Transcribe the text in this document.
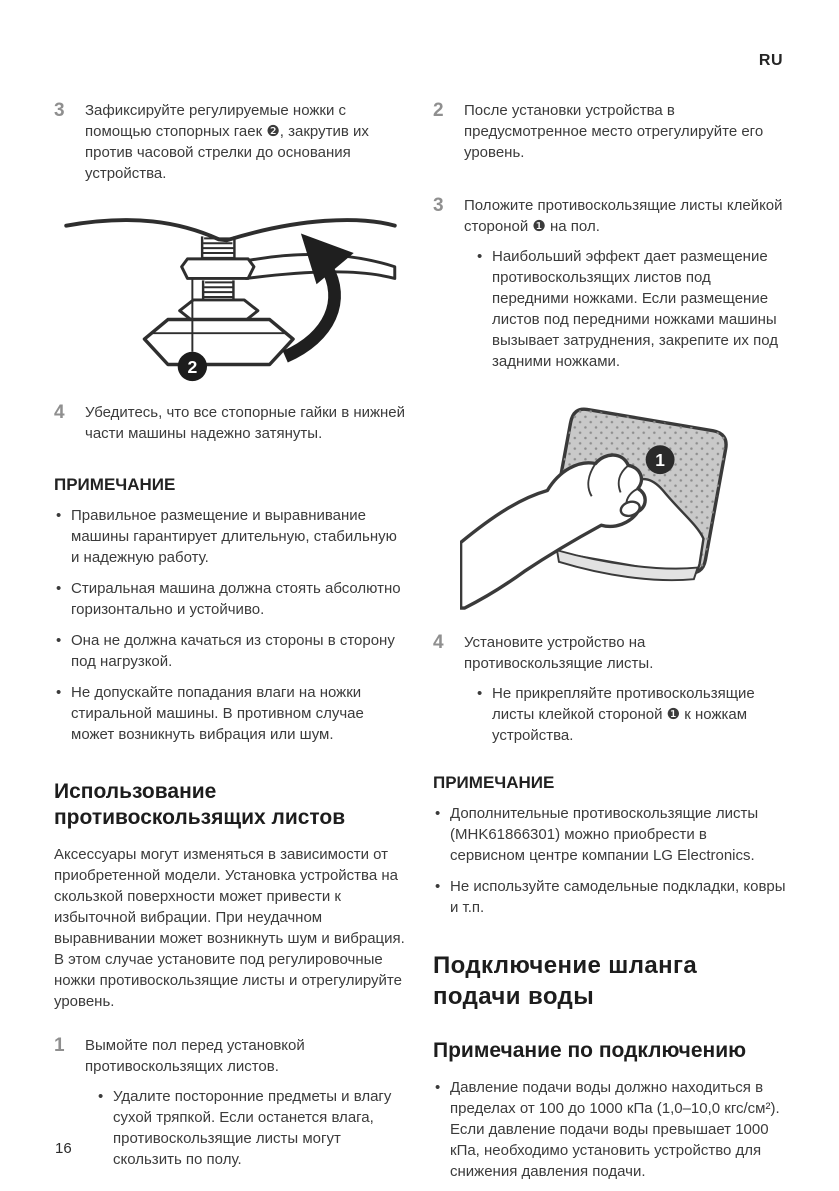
RU
3	Зафиксируйте регулируемые ножки с помощью стопорных гаек ❷, закрутив их против часовой стрелки до основания устройства.

2
4	Убедитесь, что все стопорные гайки в нижней части машины надежно затянуты.

ПРИМЕЧАНИЕ
• Правильное размещение и выравнивание машины гарантирует длительную, стабильную и надежную работу.
• Стиральная машина должна стоять абсолютно горизонтально и устойчиво.
• Она не должна качаться из стороны в сторону под нагрузкой.
• Не допускайте попадания влаги на ножки стиральной машины. В противном случае может возникнуть вибрация или шум.
Использование противоскользящих листов

Аксессуары могут изменяться в зависимости от приобретенной модели. Установка устройства на скользкой поверхности может привести к избыточной вибрации. При неудачном выравнивании может возникнуть шум и вибрация. В этом случае установите под регулировочные ножки противоскользящие листы и отрегулируйте уровень.

1	Вымойте пол перед установкой противоскользящих листов.

• Удалите посторонние предметы и влагу сухой тряпкой. Если останется влага, противоскользящие листы могут скользить по полу.
2	После установки устройства в предусмотренное место отрегулируйте его уровень.

3	Положите противоскользящие листы клейкой стороной ❶ на пол.

• Наибольший эффект дает размещение противоскользящих листов под передними ножками. Если размещение листов под передними ножками машины вызывает затруднения, закрепите их под задними ножками.
1
4	Установите устройство на противоскользящие листы.

• Не прикрепляйте противоскользящие листы клейкой стороной ❶ к ножкам устройства.
ПРИМЕЧАНИЕ
• Дополнительные противоскользящие листы (MHK61866301) можно приобрести в сервисном центре компании LG Electronics.
• Не используйте самодельные подкладки, ковры и т.п.
Подключение шланга подачи воды
Примечание по подключению
• Давление подачи воды должно находиться в пределах от 100 до 1000 кПа (1,0–10,0 кгс/см²). Если давление подачи воды превышает 1000 кПа, необходимо установить устройство для снижения давления подачи.
16
